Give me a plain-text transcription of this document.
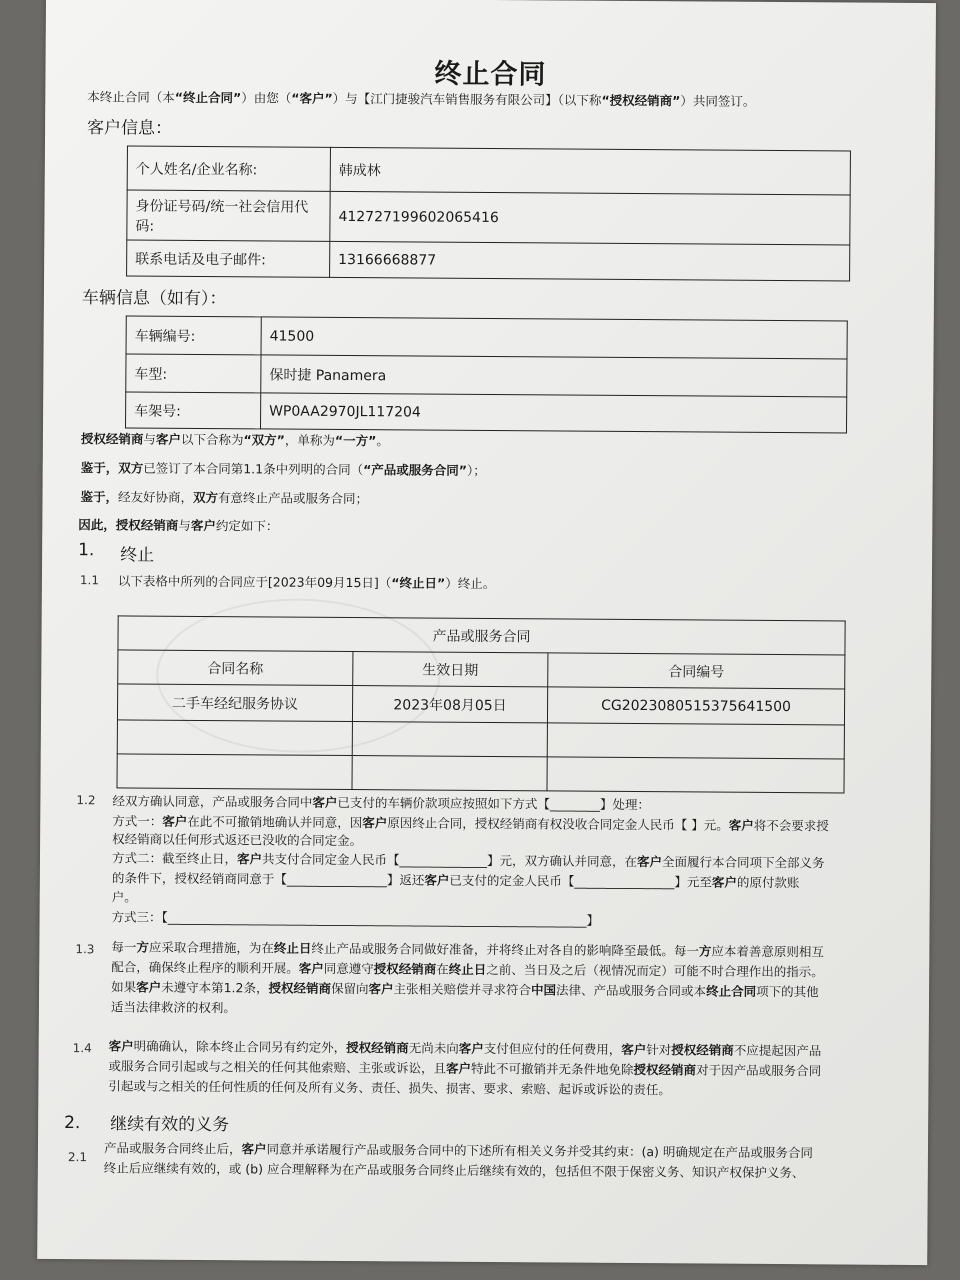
终止合同
本终止合同（本“终止合同”）由您（“客户”）与【江门捷骏汽车销售服务有限公司】（以下称“授权经销商”）共同签订。
客户信息：
个人姓名/企业名称:	韩成林
身份证号码/统一社会信用代码:	412727199602065416
联系电话及电子邮件:	13166668877
车辆信息（如有）：
车辆编号:	41500
车型:	保时捷 Panamera
车架号:	WP0AA2970JL117204
授权经销商与客户以下合称为“双方”，单称为“一方”。
鉴于，双方已签订了本合同第1.1条中列明的合同（“产品或服务合同”）；
鉴于，经友好协商，双方有意终止产品或服务合同；
因此，授权经销商与客户约定如下：
1. 终止
1.1 以下表格中所列的合同应于[2023年09月15日]（“终止日”）终止。
产品或服务合同		
合同名称	生效日期	合同编号
二手车经纪服务协议	2023年08月05日	CG2023080515375641500

1.2 经双方确认同意，产品或服务合同中客户已支付的车辆价款项应按照如下方式【________】处理：
方式一：客户在此不可撤销地确认并同意，因客户原因终止合同，授权经销商有权没收合同定金人民币【 】元。客户将不会要求授
权经销商以任何形式返还已没收的合同定金。
方式二：截至终止日，客户共支付合同定金人民币【______________】元，双方确认并同意，在客户全面履行本合同项下全部义务
的条件下，授权经销商同意于【________________】返还客户已支付的定金人民币【________________】元至客户的原付款账
户。
方式三：【___________________________________________________________________】
1.3 每一方应采取合理措施，为在终止日终止产品或服务合同做好准备，并将终止对各自的影响降至最低。每一方应本着善意原则相互
配合，确保终止程序的顺利开展。客户同意遵守授权经销商在终止日之前、当日及之后（视情况而定）可能不时合理作出的指示。
如果客户未遵守本第1.2条，授权经销商保留向客户主张相关赔偿并寻求符合中国法律、产品或服务合同或本终止合同项下的其他
适当法律救济的权利。
1.4 客户明确确认，除本终止合同另有约定外，授权经销商无尚未向客户支付但应付的任何费用，客户针对授权经销商不应提起因产品
或服务合同引起或与之相关的任何其他索赔、主张或诉讼，且客户特此不可撤销并无条件地免除授权经销商对于因产品或服务合同
引起或与之相关的任何性质的任何及所有义务、责任、损失、损害、要求、索赔、起诉或诉讼的责任。
2. 继续有效的义务
2.1
产品或服务合同终止后，客户同意并承诺履行产品或服务合同中的下述所有相关义务并受其约束：(a) 明确规定在产品或服务合同
终止后应继续有效的，或 (b) 应合理解释为在产品或服务合同终止后继续有效的，包括但不限于保密义务、知识产权保护义务、
